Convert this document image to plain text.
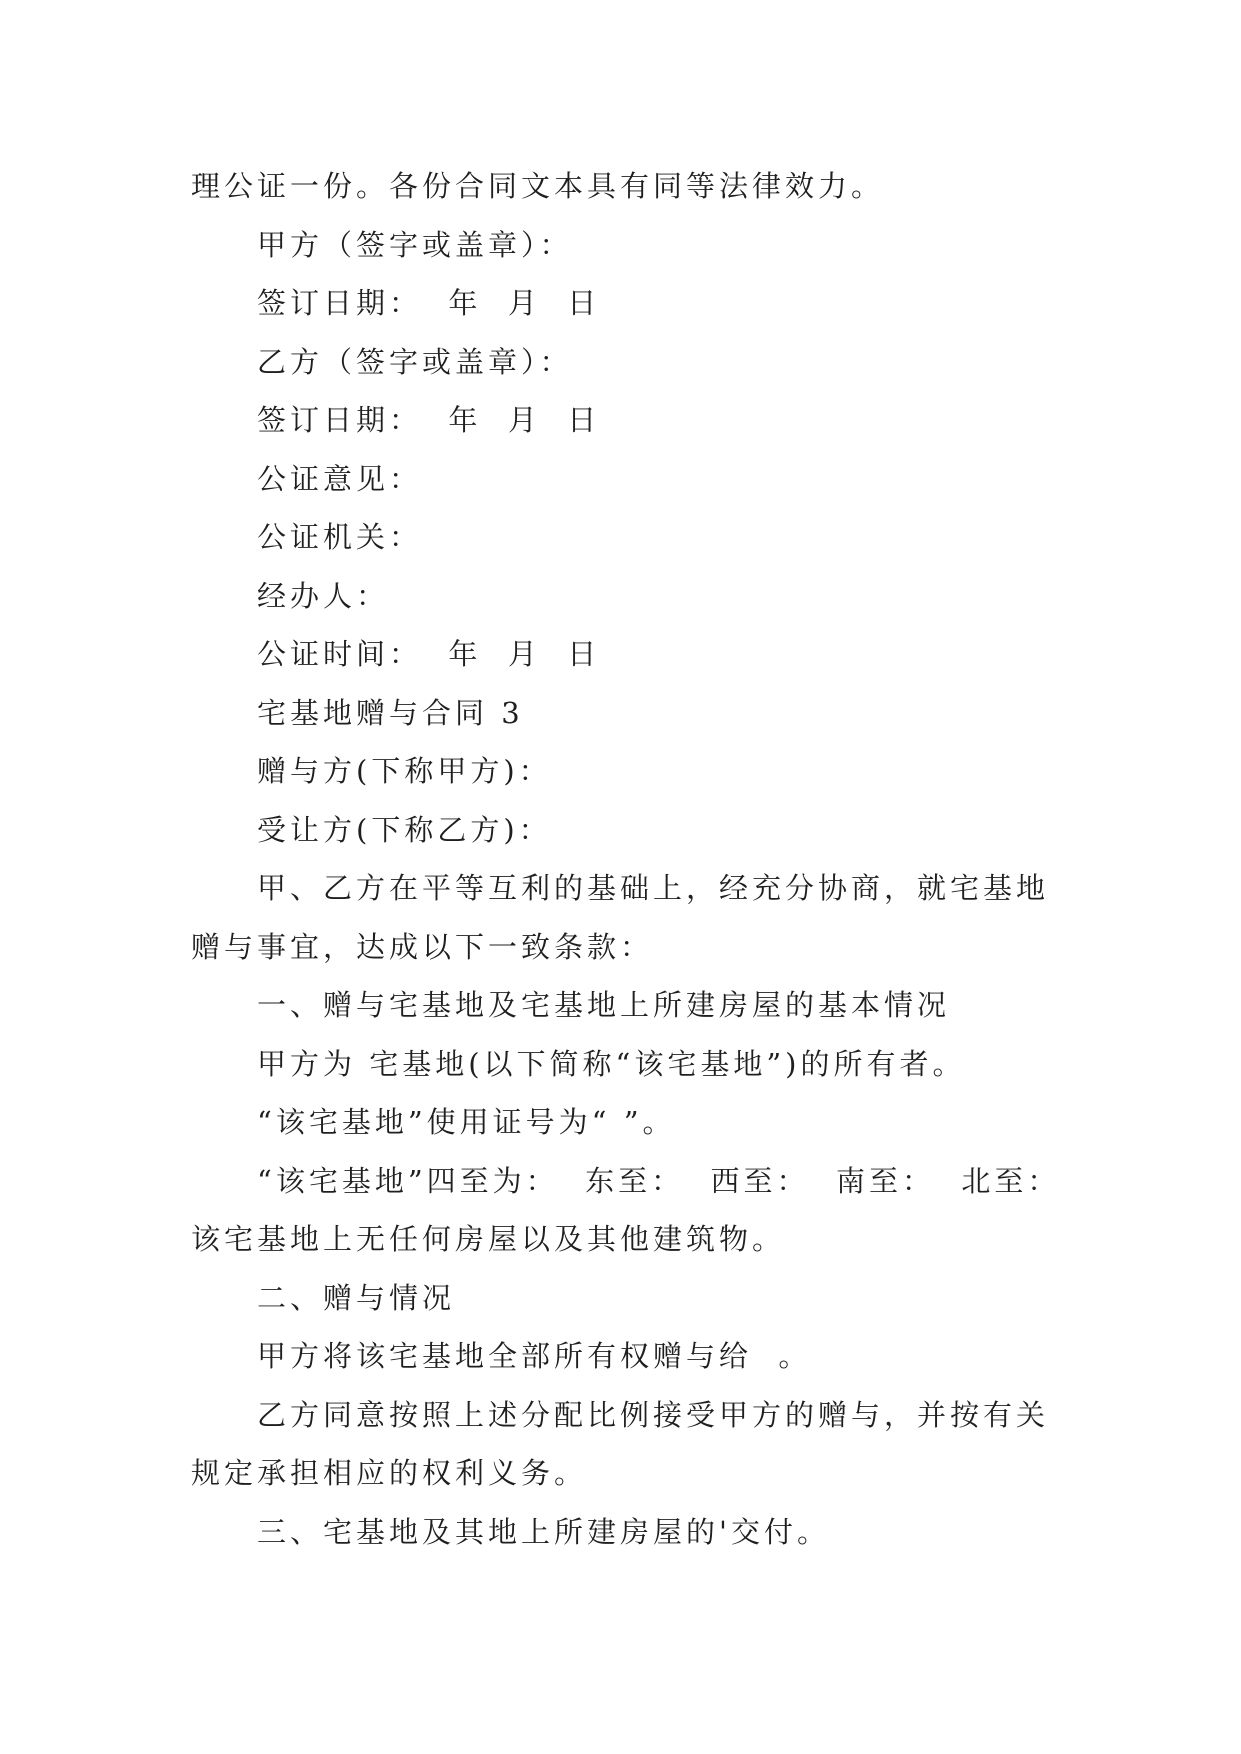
理公证一份。各份合同文本具有同等法律效力。

甲方（签字或盖章）：

签订日期：  年  月  日

乙方（签字或盖章）：

签订日期：  年  月  日

公证意见：

公证机关：

经办人：

公证时间：  年  月  日

宅基地赠与合同 3

赠与方(下称甲方)：

受让方(下称乙方)：

甲、乙方在平等互利的基础上，经充分协商，就宅基地

赠与事宜，达成以下一致条款：

一、赠与宅基地及宅基地上所建房屋的基本情况

甲方为 宅基地(以下简称“该宅基地”)的所有者。

“该宅基地”使用证号为“ ”。

“该宅基地”四至为：  东至：  西至：  南至：  北至：

该宅基地上无任何房屋以及其他建筑物。

二、赠与情况

甲方将该宅基地全部所有权赠与给  。

乙方同意按照上述分配比例接受甲方的赠与，并按有关

规定承担相应的权利义务。

三、宅基地及其地上所建房屋的'交付。
